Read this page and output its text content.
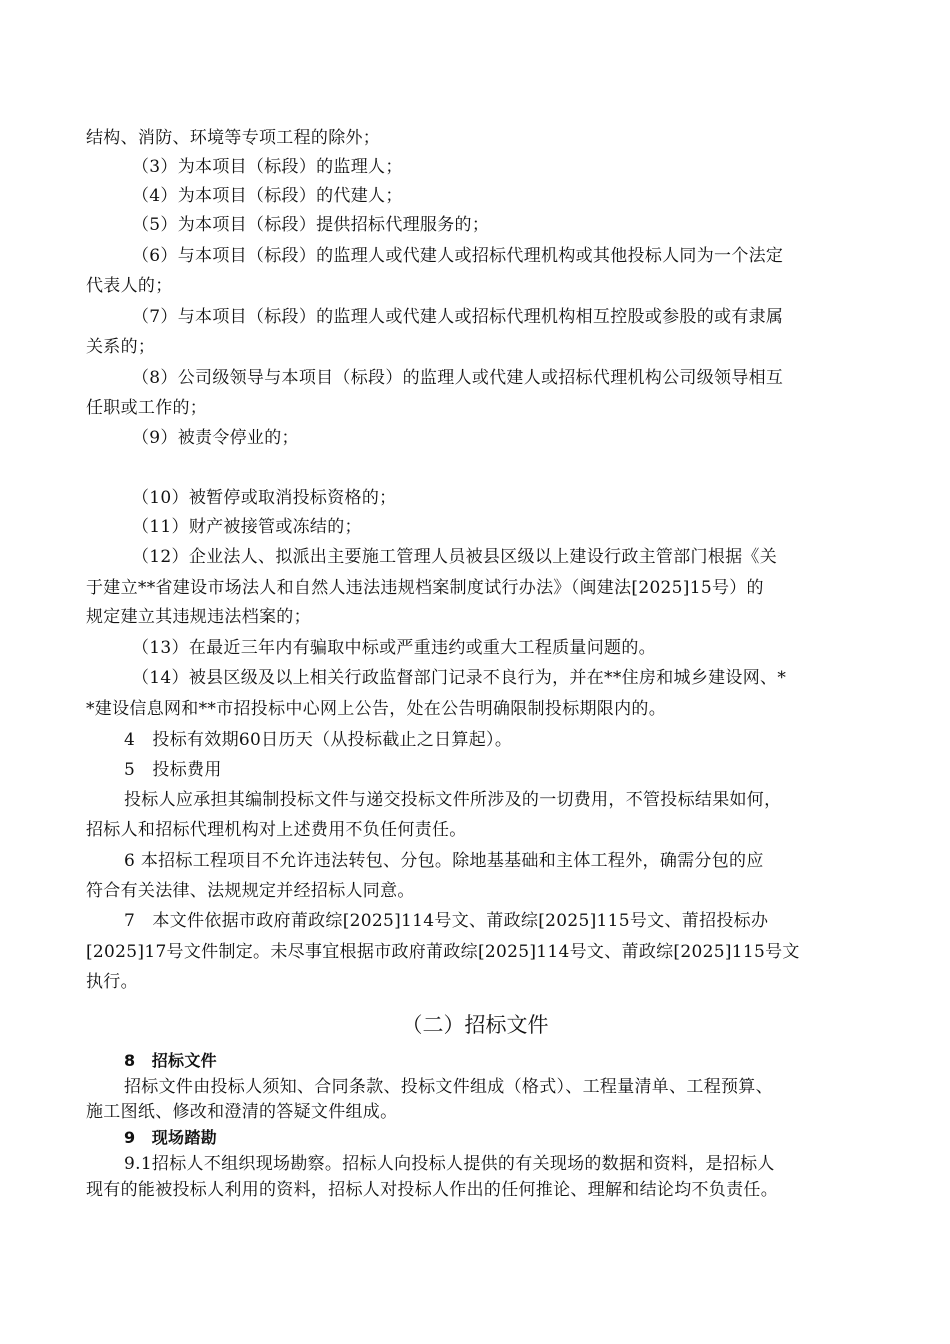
结构、消防、环境等专项工程的除外；
（3）为本项目（标段）的监理人；
（4）为本项目（标段）的代建人；
（5）为本项目（标段）提供招标代理服务的；
（6）与本项目（标段）的监理人或代建人或招标代理机构或其他投标人同为一个法定
代表人的；
（7）与本项目（标段）的监理人或代建人或招标代理机构相互控股或参股的或有隶属
关系的；
（8）公司级领导与本项目（标段）的监理人或代建人或招标代理机构公司级领导相互
任职或工作的；
（9）被责令停业的；
（10）被暂停或取消投标资格的；
（11）财产被接管或冻结的；
（12）企业法人、拟派出主要施工管理人员被县区级以上建设行政主管部门根据《关
于建立**省建设市场法人和自然人违法违规档案制度试行办法》（闽建法[2025]15号）的
规定建立其违规违法档案的；
（13）在最近三年内有骗取中标或严重违约或重大工程质量问题的。
（14）被县区级及以上相关行政监督部门记录不良行为，并在**住房和城乡建设网、*
*建设信息网和**市招投标中心网上公告，处在公告明确限制投标期限内的。
4　投标有效期60日历天（从投标截止之日算起）。
5　投标费用
投标人应承担其编制投标文件与递交投标文件所涉及的一切费用，不管投标结果如何，
招标人和招标代理机构对上述费用不负任何责任。
6 本招标工程项目不允许违法转包、分包。除地基基础和主体工程外，确需分包的应
符合有关法律、法规规定并经招标人同意。
7　本文件依据市政府莆政综[2025]114号文、莆政综[2025]115号文、莆招投标办
[2025]17号文件制定。未尽事宜根据市政府莆政综[2025]114号文、莆政综[2025]115号文
执行。
（二）招标文件
8　招标文件
招标文件由投标人须知、合同条款、投标文件组成（格式）、工程量清单、工程预算、
施工图纸、修改和澄清的答疑文件组成。
9　现场踏勘
9.1招标人不组织现场勘察。招标人向投标人提供的有关现场的数据和资料，是招标人
现有的能被投标人利用的资料，招标人对投标人作出的任何推论、理解和结论均不负责任。
